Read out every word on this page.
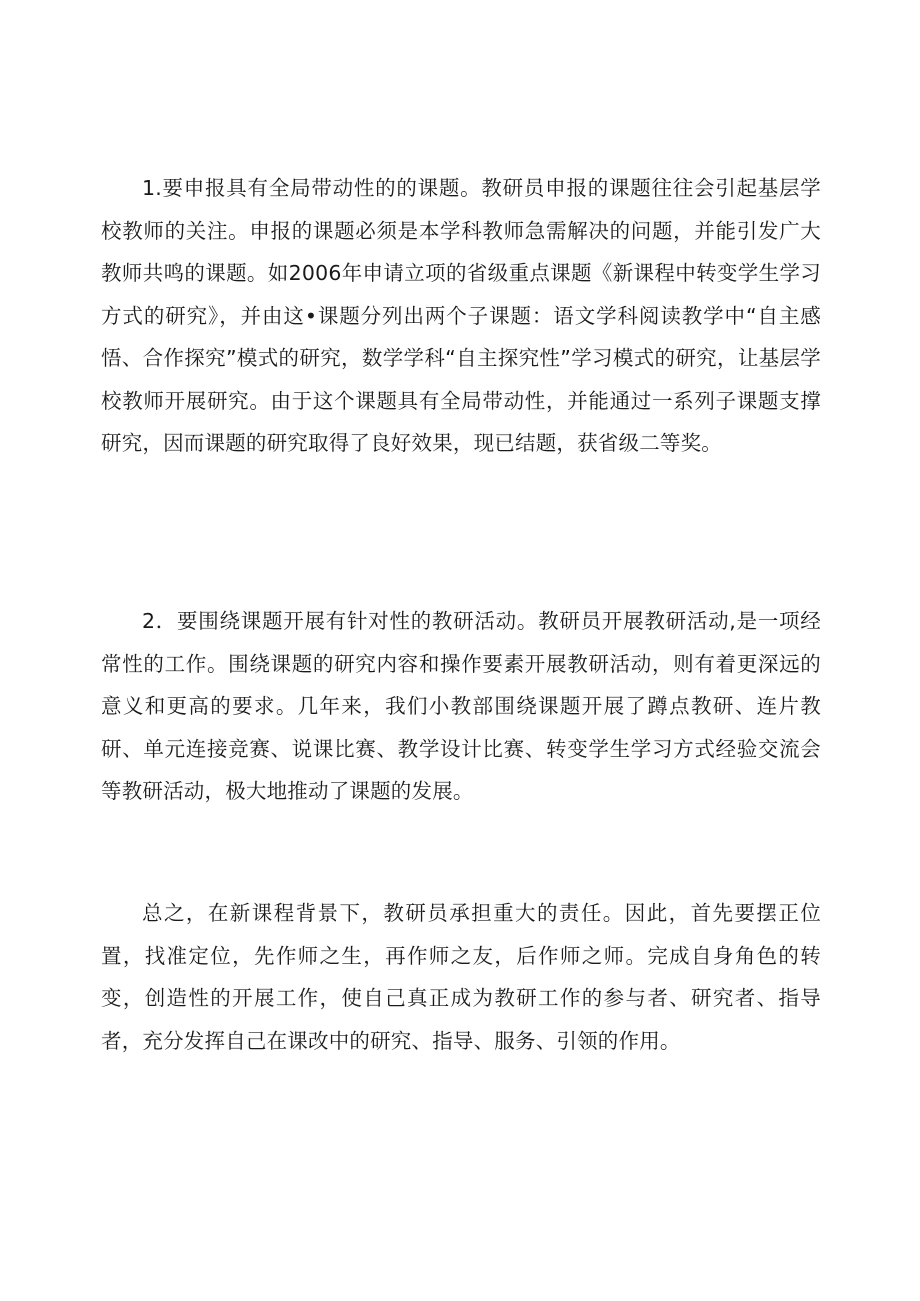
1.要申报具有全局带动性的的课题。教研员申报的课题往往会引起基层学校教师的关注。申报的课题必须是本学科教师急需解决的问题，并能引发广大教师共鸣的课题。如2006年申请立项的省级重点课题《新课程中转变学生学习方式的研究》，并由这•课题分列出两个子课题：语文学科阅读教学中“自主感悟、合作探究”模式的研究，数学学科“自主探究性”学习模式的研究，让基层学校教师开展研究。由于这个课题具有全局带动性，并能通过一系列子课题支撑研究，因而课题的研究取得了良好效果，现已结题，获省级二等奖。

2．要围绕课题开展有针对性的教研活动。教研员开展教研活动,是一项经常性的工作。围绕课题的研究内容和操作要素开展教研活动，则有着更深远的意义和更高的要求。几年来，我们小教部围绕课题开展了蹲点教研、连片教研、单元连接竞赛、说课比赛、教学设计比赛、转变学生学习方式经验交流会等教研活动，极大地推动了课题的发展。

总之，在新课程背景下，教研员承担重大的责任。因此，首先要摆正位置，找准定位，先作师之生，再作师之友，后作师之师。完成自身角色的转变，创造性的开展工作，使自己真正成为教研工作的参与者、研究者、指导者，充分发挥自己在课改中的研究、指导、服务、引领的作用。
